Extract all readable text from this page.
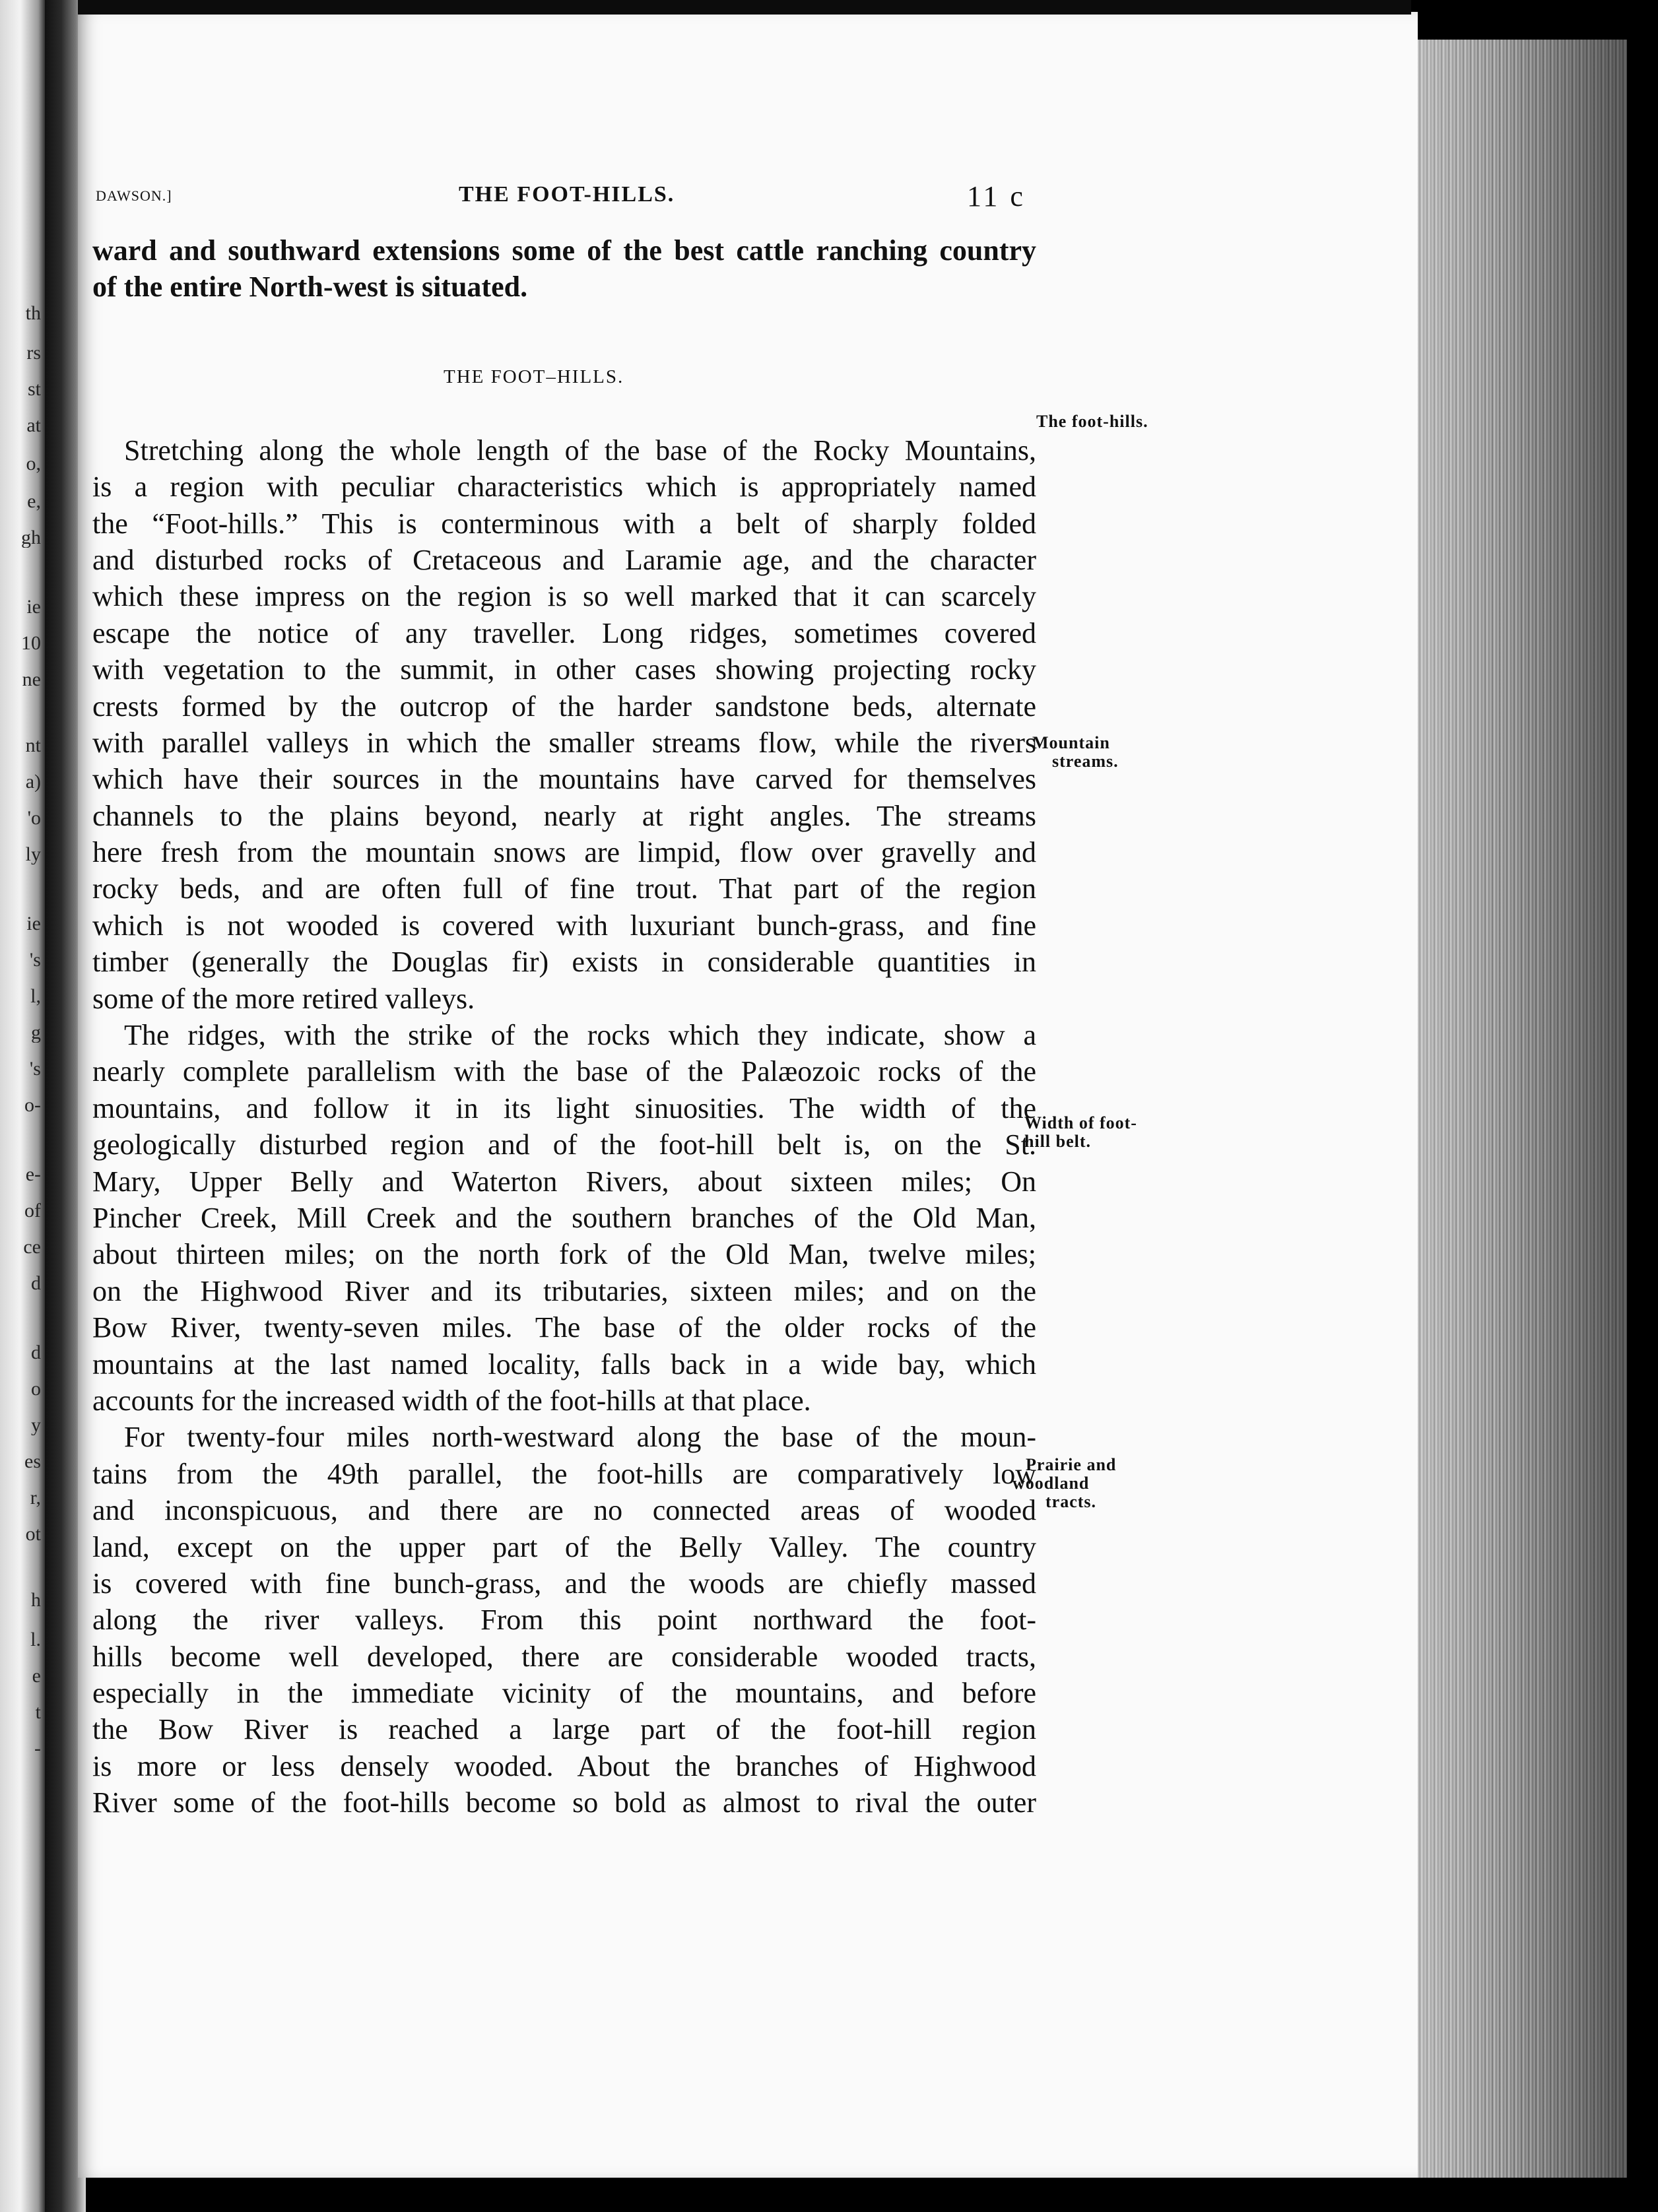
th
rs
st
at
o,
e,
gh
ie
10
ne
nt
a)
'o
ly
ie
's
l,
g
's
o-
e-
of
ce
d
d
o
y
es
r,
ot
h
l.
e
t
-
DAWSON.]	THE FOOT-HILLS.	11 c
THE FOOT–HILLS.
ward and southward extensions some of the best cattle ranching country
of the entire North-west is situated.
Stretching along the whole length of the base of the Rocky Mountains,
is a region with peculiar characteristics which is appropriately named
the “Foot-hills.” This is conterminous with a belt of sharply folded
and disturbed rocks of Cretaceous and Laramie age, and the character
which these impress on the region is so well marked that it can scarcely
escape the notice of any traveller. Long ridges, sometimes covered
with vegetation to the summit, in other cases showing projecting rocky
crests formed by the outcrop of the harder sandstone beds, alternate
with parallel valleys in which the smaller streams flow, while the rivers
which have their sources in the mountains have carved for themselves
channels to the plains beyond, nearly at right angles. The streams
here fresh from the mountain snows are limpid, flow over gravelly and
rocky beds, and are often full of fine trout. That part of the region
which is not wooded is covered with luxuriant bunch-grass, and fine
timber (generally the Douglas fir) exists in considerable quantities in
some of the more retired valleys.
The ridges, with the strike of the rocks which they indicate, show a
nearly complete parallelism with the base of the Palæozoic rocks of the
mountains, and follow it in its light sinuosities. The width of the
geologically disturbed region and of the foot-hill belt is, on the St.
Mary, Upper Belly and Waterton Rivers, about sixteen miles; On
Pincher Creek, Mill Creek and the southern branches of the Old Man,
about thirteen miles; on the north fork of the Old Man, twelve miles;
on the Highwood River and its tributaries, sixteen miles; and on the
Bow River, twenty-seven miles. The base of the older rocks of the
mountains at the last named locality, falls back in a wide bay, which
accounts for the increased width of the foot-hills at that place.
For twenty-four miles north-westward along the base of the moun-
tains from the 49th parallel, the foot-hills are comparatively low
and inconspicuous, and there are no connected areas of wooded
land, except on the upper part of the Belly Valley. The country
is covered with fine bunch-grass, and the woods are chiefly massed
along the river valleys. From this point northward the foot-
hills become well developed, there are considerable wooded tracts,
especially in the immediate vicinity of the mountains, and before
the Bow River is reached a large part of the foot-hill region
is more or less densely wooded. About the branches of Highwood
River some of the foot-hills become so bold as almost to rival the outer
The foot-hills.
Mountain
streams.
Width of foot-
hill belt.
Prairie and
woodland
tracts.
